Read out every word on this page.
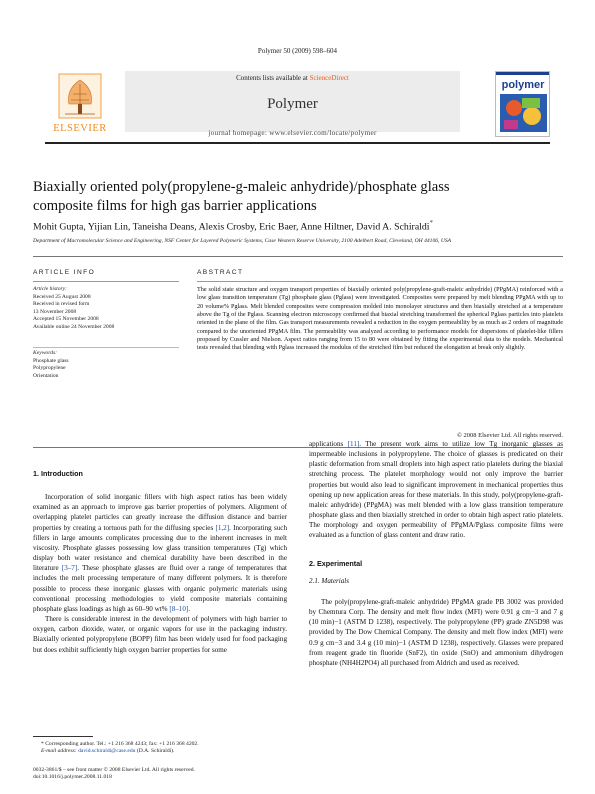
Polymer 50 (2009) 598–604
ELSEVIER
Contents lists available at ScienceDirect
Polymer
journal homepage: www.elsevier.com/locate/polymer
polymer
Biaxially oriented poly(propylene-g-maleic anhydride)/phosphate glass
composite films for high gas barrier applications
Mohit Gupta, Yijian Lin, Taneisha Deans, Alexis Crosby, Eric Baer, Anne Hiltner, David A. Schiraldi*
Department of Macromolecular Science and Engineering, NSF Center for Layered Polymeric Systems, Case Western Reserve University, 2100 Adelbert Road, Cleveland, OH 44106, USA
ARTICLE INFO	ABSTRACT
Article history:
Received 25 August 2008
Received in revised form
13 November 2008
Accepted 15 November 2008
Available online 24 November 2008
Keywords:
Phosphate glass
Polypropylene
Orientation
The solid state structure and oxygen transport properties of biaxially oriented poly(propylene-graft-maleic anhydride) (PPgMA) reinforced with a low glass transition temperature (Tg) phosphate glass (Pglass) were investigated. Composites were prepared by melt blending PPgMA with up to 20 volume% Pglass. Melt blended composites were compression molded into monolayer structures and then biaxially stretched at a temperature above the Tg of the Pglass. Scanning electron microscopy confirmed that biaxial stretching transformed the spherical Pglass particles into platelets oriented in the plane of the film. Gas transport measurements revealed a reduction in the oxygen permeability by as much as 2 orders of magnitude compared to the unoriented PPgMA film. The permeability was analyzed according to performance models for dispersions of platelet-like fillers proposed by Cussler and Nielson. Aspect ratios ranging from 15 to 80 were obtained by fitting the experimental data to the models. Mechanical tests revealed that blending with Pglass increased the modulus of the stretched film but reduced the elongation at break only slightly.
© 2008 Elsevier Ltd. All rights reserved.
1. Introduction

Incorporation of solid inorganic fillers with high aspect ratios has been widely examined as an approach to improve gas barrier properties of polymers. Alignment of overlapping platelet particles can greatly increase the diffusion distance and barrier properties by creating a tortuous path for the diffusing species [1,2]. Incorporating such fillers in large amounts complicates processing due to the inherent increases in melt viscosity. Phosphate glasses possessing low glass transition temperatures (Tg) which display both water resistance and chemical durability have been described in the literature [3–7]. These phosphate glasses are fluid over a range of temperatures that includes the melt processing temperature of many different polymers. It is therefore possible to process these inorganic glasses with organic polymeric materials using conventional processing methodologies to yield composite materials containing phosphate glass loadings as high as 60–90 wt% [8–10].

There is considerable interest in the development of polymers with high barrier to oxygen, carbon dioxide, water, or organic vapors for use in the packaging industry. Biaxially oriented polypropylene (BOPP) film has been widely used for food packaging but does exhibit sufficiently high oxygen barrier properties for some

applications [11]. The present work aims to utilize low Tg inorganic glasses as impermeable inclusions in polypropylene. The choice of glasses is predicated on their plastic deformation from small droplets into high aspect ratio platelets during the biaxial stretching process. The platelet morphology would not only improve the barrier properties but would also lead to significant improvement in mechanical properties thus opening up new application areas for these materials. In this study, poly(propylene-graft-maleic anhydride) (PPgMA) was melt blended with a low glass transition temperature phosphate glass and then biaxially stretched in order to obtain high aspect ratio platelets. The morphology and oxygen permeability of PPgMA/Pglass composite films were evaluated as a function of glass content and draw ratio.

2. Experimental
2.1. Materials

The poly(propylene-graft-maleic anhydride) PPgMA grade PB 3002 was provided by Chemtura Corp. The density and melt flow index (MFI) were 0.91 g cm−3 and 7 g (10 min)−1 (ASTM D 1238), respectively. The polypropylene (PP) grade ZN5D98 was provided by The Dow Chemical Company. The density and melt flow index (MFI) were 0.9 g cm−3 and 3.4 g (10 min)−1 (ASTM D 1238), respectively. Glasses were prepared from reagent grade tin fluoride (SnF2), tin oxide (SnO) and ammonium dihydrogen phosphate (NH4H2PO4) all purchased from Aldrich and used as received.

* Corresponding author. Tel.: +1 216 368 4243; fax: +1 216 368 4202.
E-mail address: david.schiraldi@case.edu (D.A. Schiraldi).
0032-3861/$ – see front matter © 2008 Elsevier Ltd. All rights reserved.
doi:10.1016/j.polymer.2008.11.018
